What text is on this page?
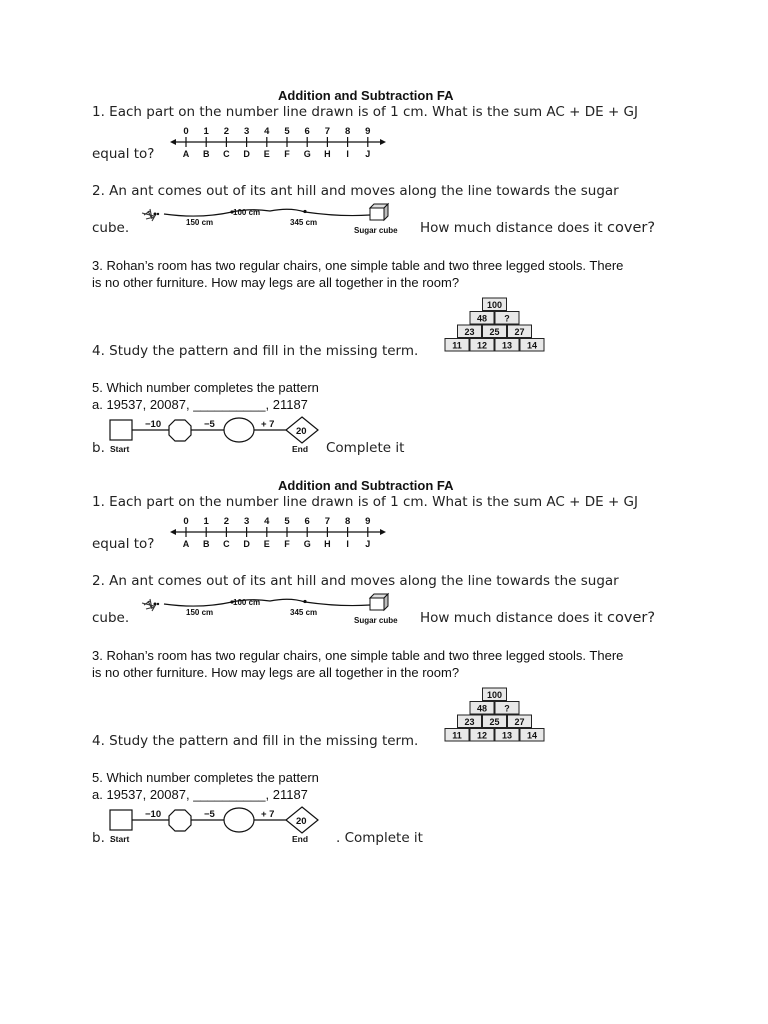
Addition and Subtraction FA
1. Each part on the number line drawn is of 1 cm. What is the sum AC + DE + GJ
0
A
1
B
2
C
3
D
4
E
5
F
6
G
7
H
8
I
9
J
equal to?
2. An ant comes out of its ant hill and moves along the line towards the sugar
cube.	150 cm
100 cm
345 cm
Sugar cube How much distance does it cover?
3. Rohan’s room has two regular chairs, one simple table and two three legged stools. There
is no other furniture. How may legs are all together in the room?
4. Study the pattern and fill in the missing term.
100
48 ?
23 25 27
11 12 13 14
5. Which number completes the pattern
a. 19537, 20087, __________, 21187
b.
−10	−5	+ 7
20
Start	End Complete it
Addition and Subtraction FA
1. Each part on the number line drawn is of 1 cm. What is the sum AC + DE + GJ
0
A
1
B
2
C
3
D
4
E
5
F
6
G
7
H
8
I
9
J
equal to?
2. An ant comes out of its ant hill and moves along the line towards the sugar
cube.	150 cm
100 cm
345 cm
Sugar cube How much distance does it cover?
3. Rohan’s room has two regular chairs, one simple table and two three legged stools. There
is no other furniture. How may legs are all together in the room?
4. Study the pattern and fill in the missing term.
100
48 ?
23 25 27
11 12 13 14
5. Which number completes the pattern
a. 19537, 20087, __________, 21187
b. .
−10	−5	+ 7
20
Start	End . Complete it
